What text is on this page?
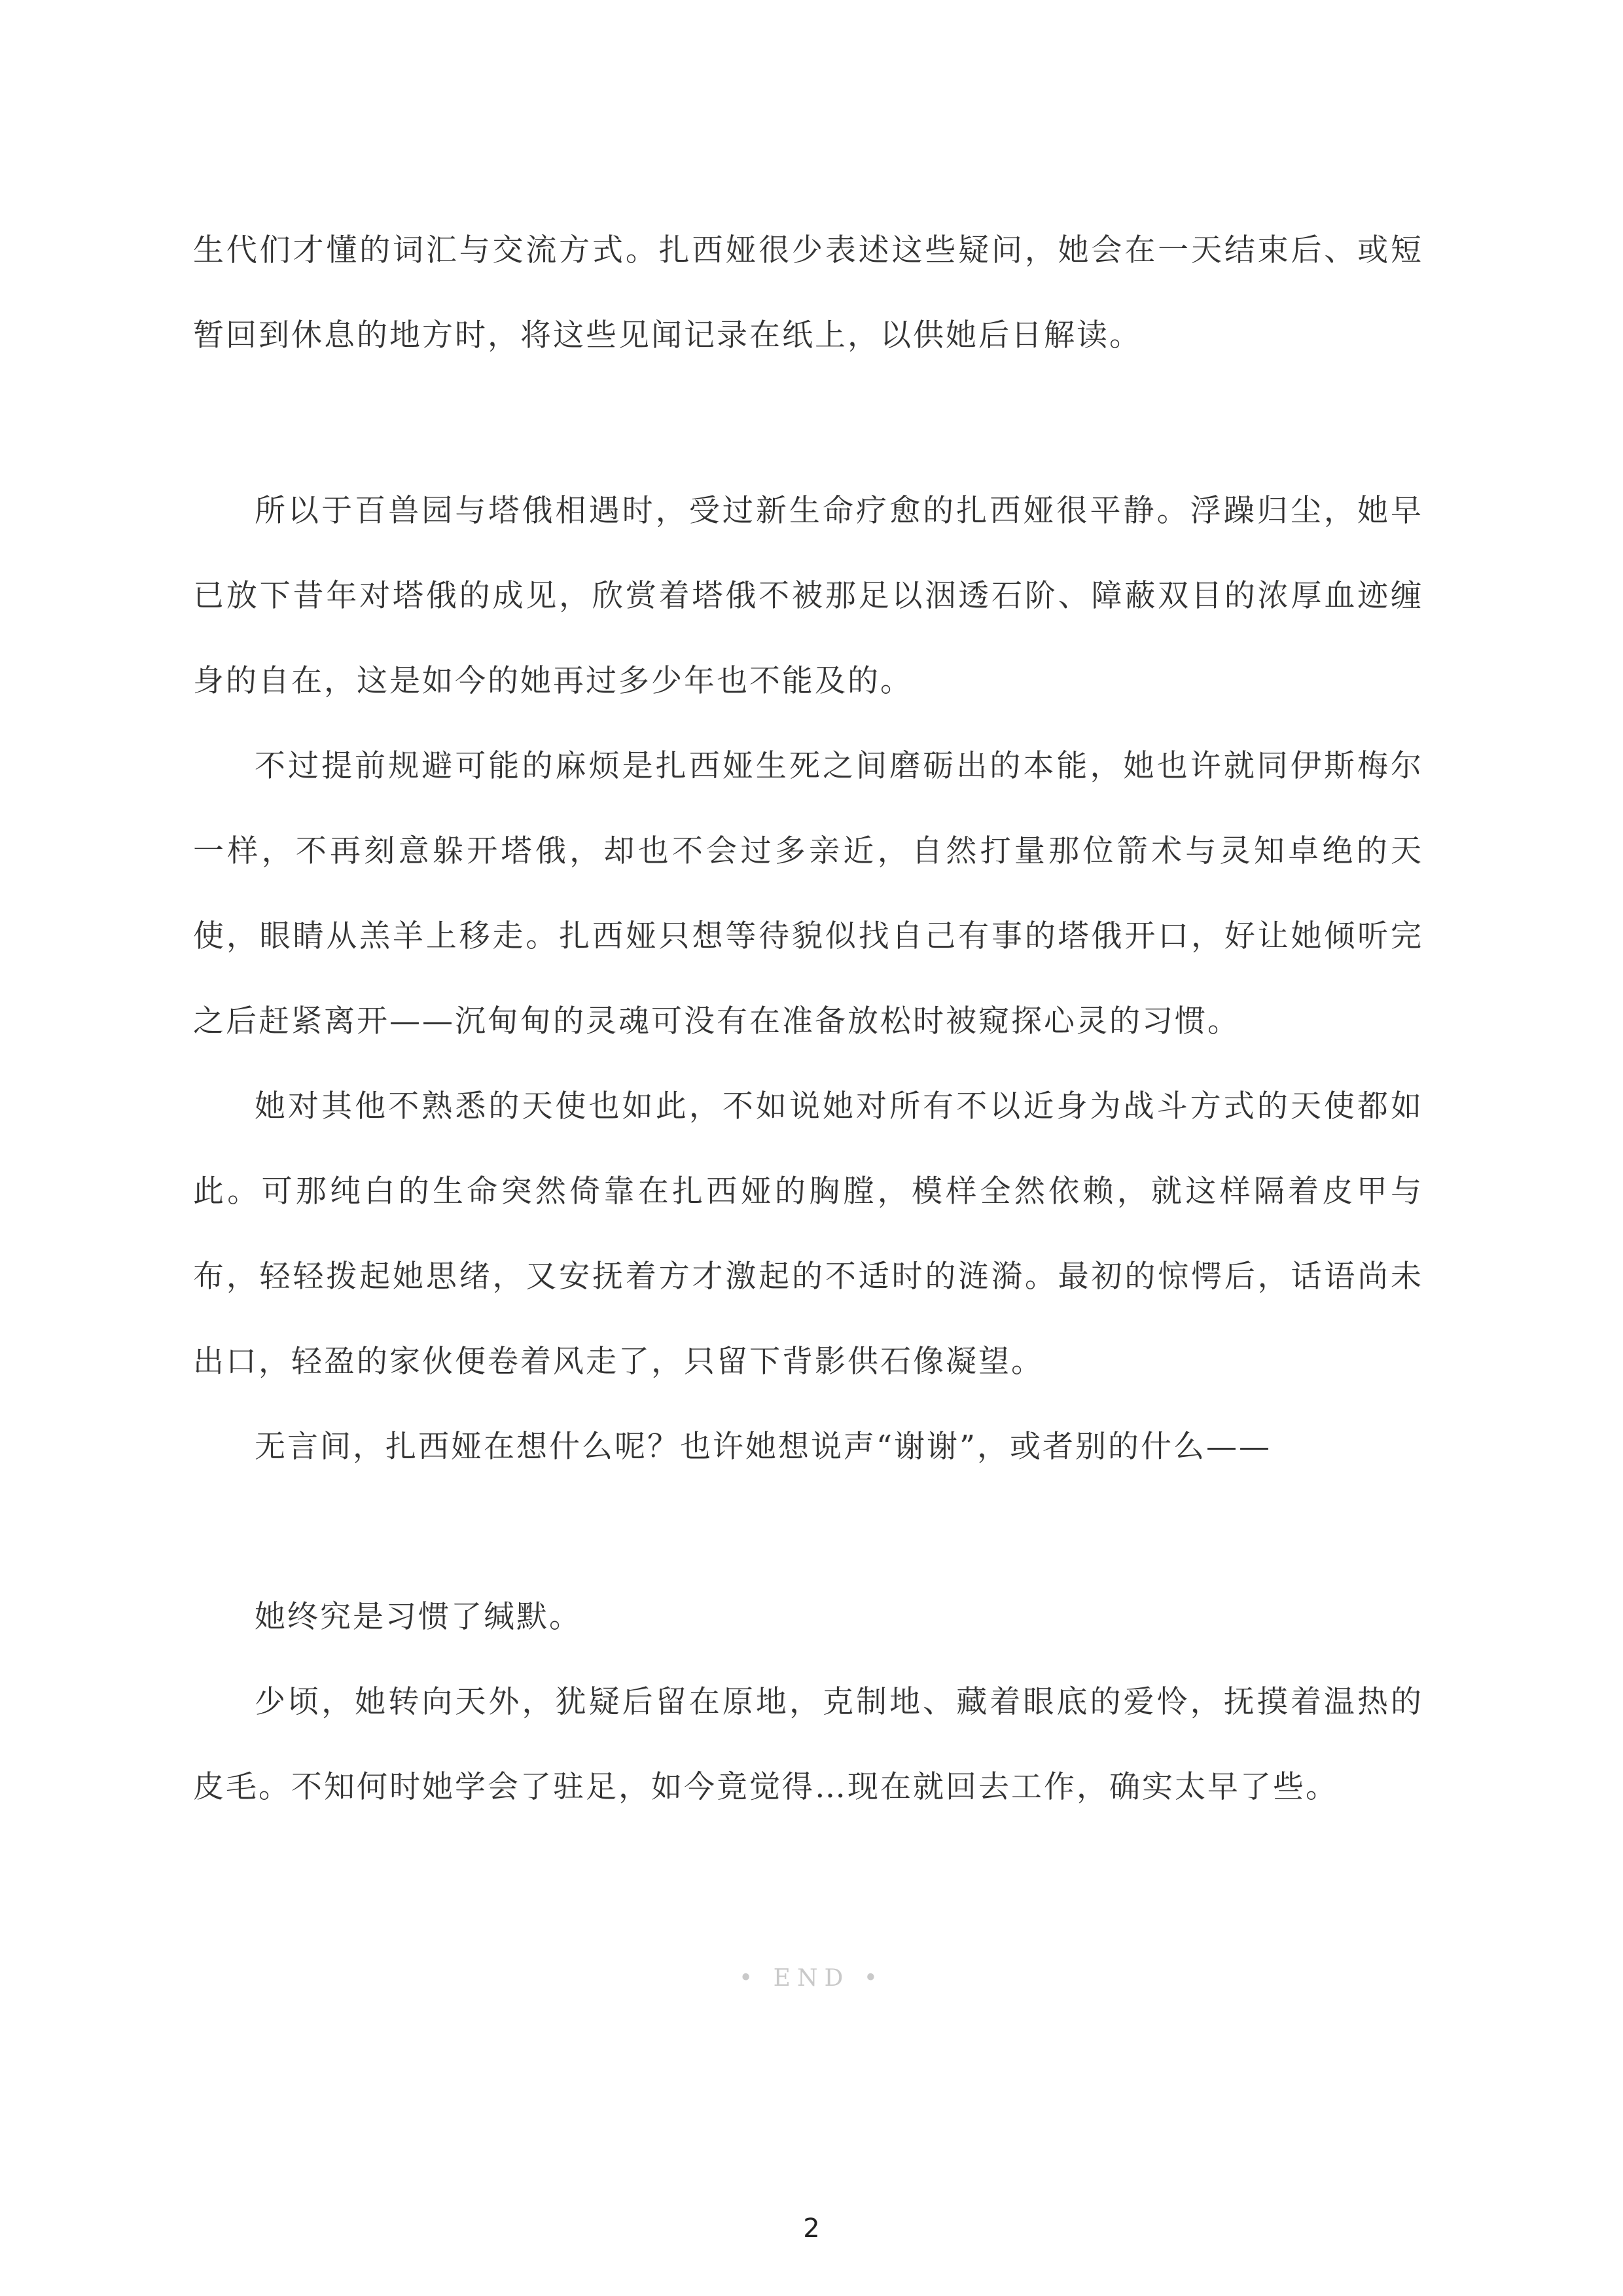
生代们才懂的词汇与交流方式。扎西娅很少表述这些疑问，她会在一天结束后、或短暂回到休息的地方时，将这些见闻记录在纸上，以供她后日解读。

所以于百兽园与塔俄相遇时，受过新生命疗愈的扎西娅很平静。浮躁归尘，她早已放下昔年对塔俄的成见，欣赏着塔俄不被那足以洇透石阶、障蔽双目的浓厚血迹缠身的自在，这是如今的她再过多少年也不能及的。

不过提前规避可能的麻烦是扎西娅生死之间磨砺出的本能，她也许就同伊斯梅尔一样，不再刻意躲开塔俄，却也不会过多亲近，自然打量那位箭术与灵知卓绝的天使，眼睛从羔羊上移走。扎西娅只想等待貌似找自己有事的塔俄开口，好让她倾听完之后赶紧离开——沉甸甸的灵魂可没有在准备放松时被窥探心灵的习惯。

她对其他不熟悉的天使也如此，不如说她对所有不以近身为战斗方式的天使都如此。可那纯白的生命突然倚靠在扎西娅的胸膛，模样全然依赖，就这样隔着皮甲与布，轻轻拨起她思绪，又安抚着方才激起的不适时的涟漪。最初的惊愕后，话语尚未出口，轻盈的家伙便卷着风走了，只留下背影供石像凝望。

无言间，扎西娅在想什么呢？也许她想说声“谢谢”，或者别的什么——

她终究是习惯了缄默。

少顷，她转向天外，犹疑后留在原地，克制地、藏着眼底的爱怜，抚摸着温热的皮毛。不知何时她学会了驻足，如今竟觉得…现在就回去工作，确实太早了些。

• END •
2
